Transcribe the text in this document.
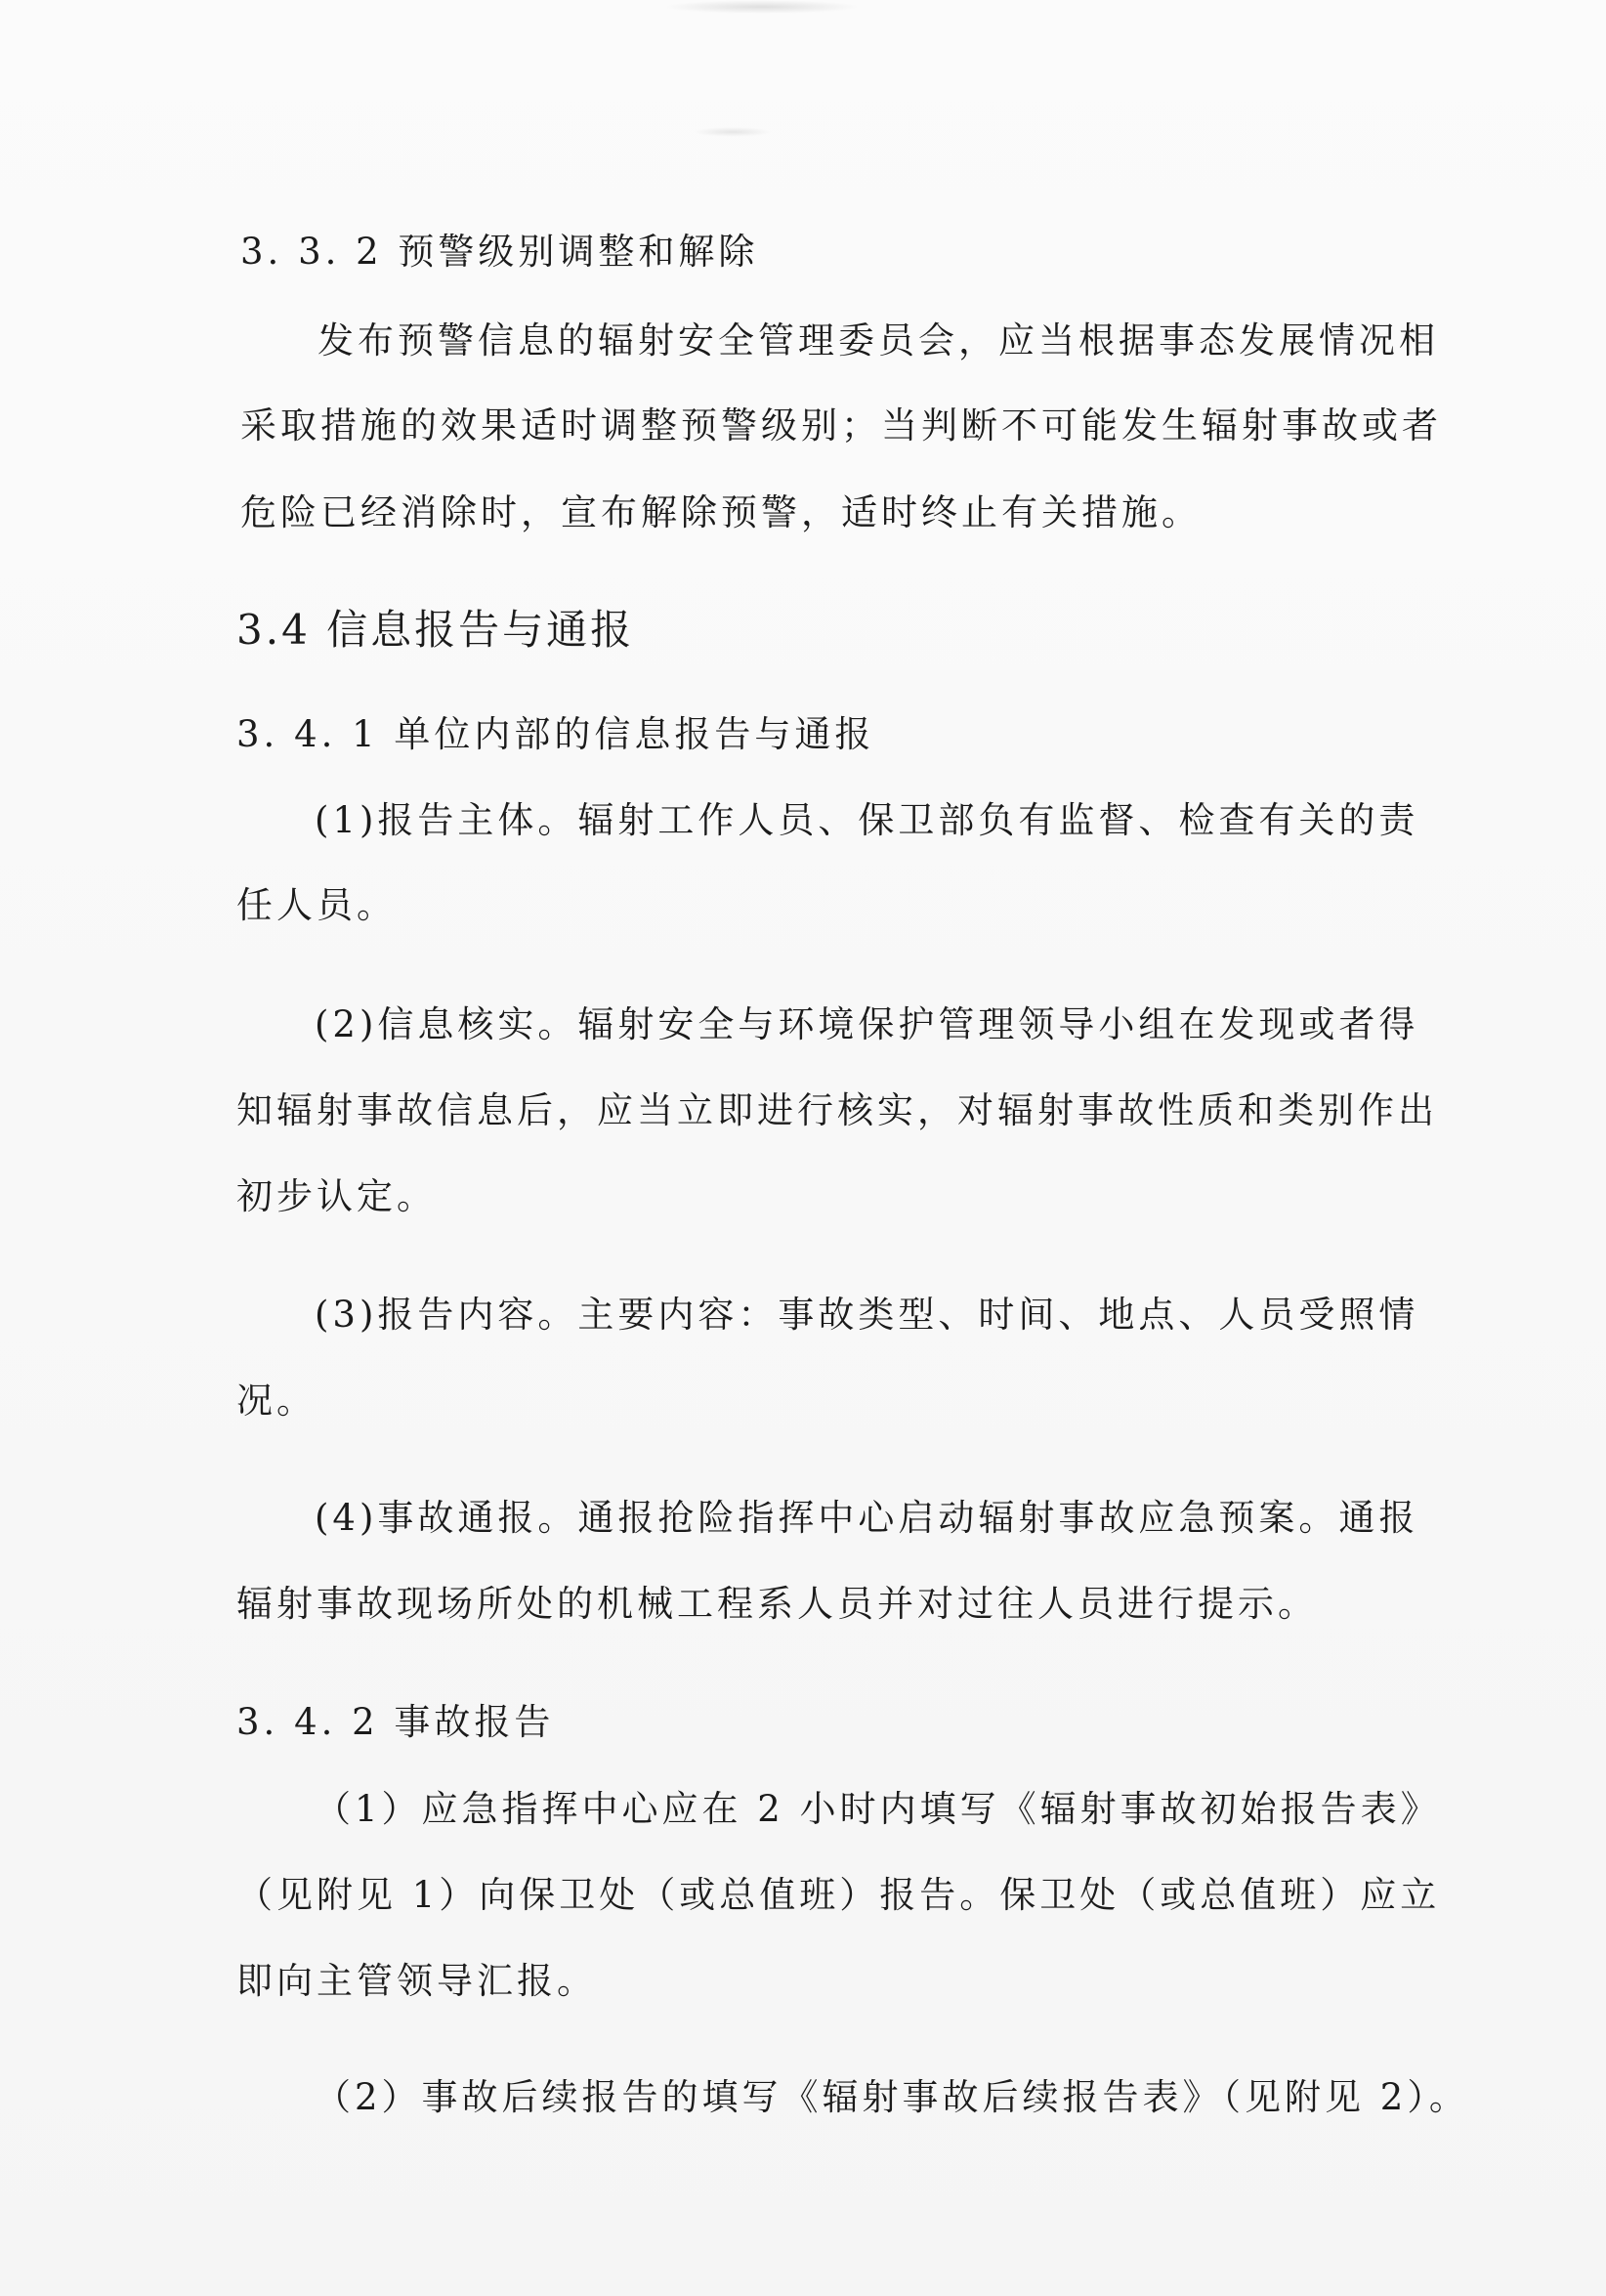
3. 3. 2 预警级别调整和解除
发布预警信息的辐射安全管理委员会，应当根据事态发展情况相
采取措施的效果适时调整预警级别；当判断不可能发生辐射事故或者
危险已经消除时，宣布解除预警，适时终止有关措施。
3.4 信息报告与通报
3. 4. 1 单位内部的信息报告与通报
(1)报告主体。辐射工作人员、保卫部负有监督、检查有关的责
任人员。
(2)信息核实。辐射安全与环境保护管理领导小组在发现或者得
知辐射事故信息后，应当立即进行核实，对辐射事故性质和类别作出
初步认定。
(3)报告内容。主要内容：事故类型、时间、地点、人员受照情
况。
(4)事故通报。通报抢险指挥中心启动辐射事故应急预案。通报
辐射事故现场所处的机械工程系人员并对过往人员进行提示。
3. 4. 2 事故报告
（1）应急指挥中心应在 2 小时内填写《辐射事故初始报告表》
（见附见 1）向保卫处（或总值班）报告。保卫处（或总值班）应立
即向主管领导汇报。
（2）事故后续报告的填写《辐射事故后续报告表》（见附见 2）。
